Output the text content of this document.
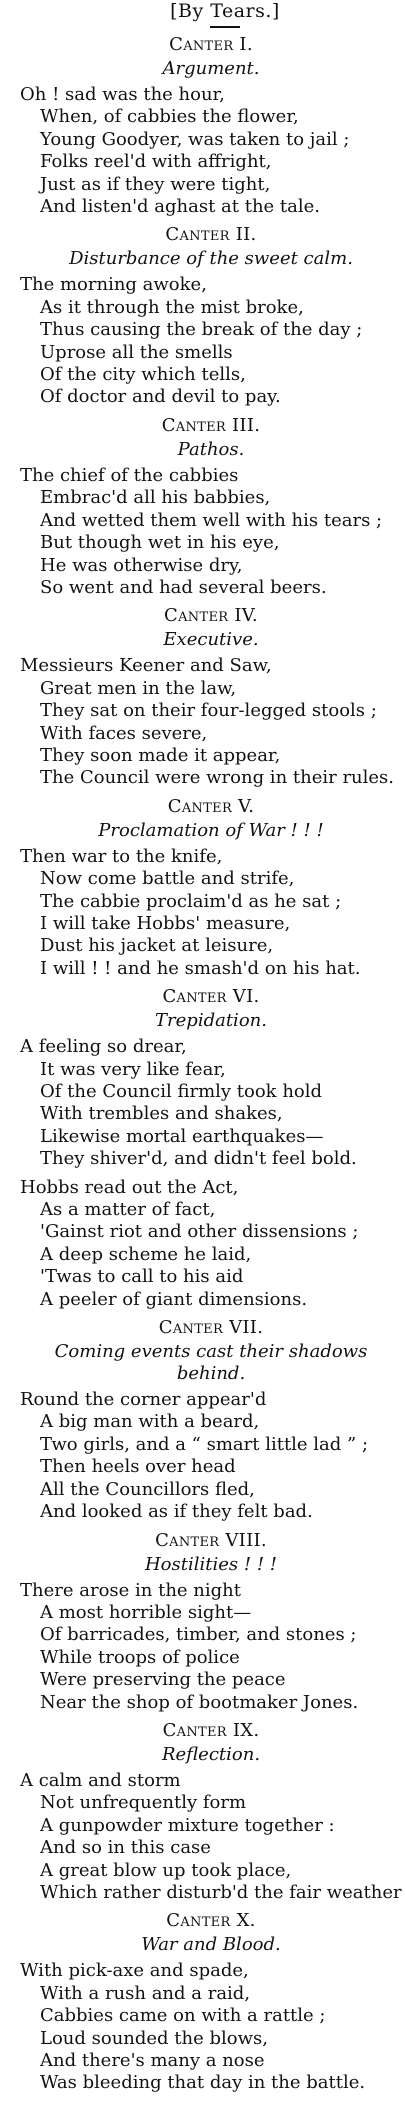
[By Tears.]
Canter I.
Argument.
Oh ! sad was the hour,
When, of cabbies the flower,
Young Goodyer, was taken to jail ;
Folks reel'd with affright,
Just as if they were tight,
And listen'd aghast at the tale.
Canter II.
Disturbance of the sweet calm.
The morning awoke,
As it through the mist broke,
Thus causing the break of the day ;
Uprose all the smells
Of the city which tells,
Of doctor and devil to pay.
Canter III.
Pathos.
The chief of the cabbies
Embrac'd all his babbies,
And wetted them well with his tears ;
But though wet in his eye,
He was otherwise dry,
So went and had several beers.
Canter IV.
Executive.
Messieurs Keener and Saw,
Great men in the law,
They sat on their four-legged stools ;
With faces severe,
They soon made it appear,
The Council were wrong in their rules.
Canter V.
Proclamation of War ! ! !
Then war to the knife,
Now come battle and strife,
The cabbie proclaim'd as he sat ;
I will take Hobbs' measure,
Dust his jacket at leisure,
I will ! ! and he smash'd on his hat.
Canter VI.
Trepidation.
A feeling so drear,
It was very like fear,
Of the Council firmly took hold
With trembles and shakes,
Likewise mortal earthquakes—
They shiver'd, and didn't feel bold.
Hobbs read out the Act,
As a matter of fact,
'Gainst riot and other dissensions ;
A deep scheme he laid,
'Twas to call to his aid
A peeler of giant dimensions.
Canter VII.
Coming events cast their shadows behind.
Round the corner appear'd
A big man with a beard,
Two girls, and a “ smart little lad ” ;
Then heels over head
All the Councillors fled,
And looked as if they felt bad.
Canter VIII.
Hostilities ! ! !
There arose in the night
A most horrible sight—
Of barricades, timber, and stones ;
While troops of police
Were preserving the peace
Near the shop of bootmaker Jones.
Canter IX.
Reflection.
A calm and storm
Not unfrequently form
A gunpowder mixture together :
And so in this case
A great blow up took place,
Which rather disturb'd the fair weather
Canter X.
War and Blood.
With pick-axe and spade,
With a rush and a raid,
Cabbies came on with a rattle ;
Loud sounded the blows,
And there's many a nose
Was bleeding that day in the battle.
